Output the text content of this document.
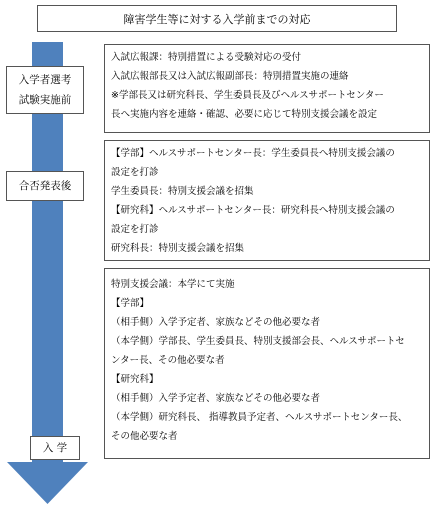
障害学生等に対する入学前までの対応
入学者選考
試験実施前
合否発表後
入 学
入試広報課：特別措置による受験対応の受付
入試広報部長又は入試広報副部長：特別措置実施の連絡
※学部長又は研究科長、学生委員長及びヘルスサポートセンター
長へ実施内容を連絡・確認、必要に応じて特別支援会議を設定
【学部】ヘルスサポートセンター長：学生委員長へ特別支援会議の
設定を打診
学生委員長：特別支援会議を招集
【研究科】ヘルスサポートセンター長：研究科長へ特別支援会議の
設定を打診
研究科長：特別支援会議を招集
特別支援会議：本学にて実施
【学部】
（相手側）入学予定者、家族などその他必要な者
（本学側）学部長、学生委員長、特別支援部会長、ヘルスサポートセ
ンター長、その他必要な者
【研究科】
（相手側）入学予定者、家族などその他必要な者
（本学側）研究科長、 指導教員予定者、ヘルスサポートセンター長、
その他必要な者
